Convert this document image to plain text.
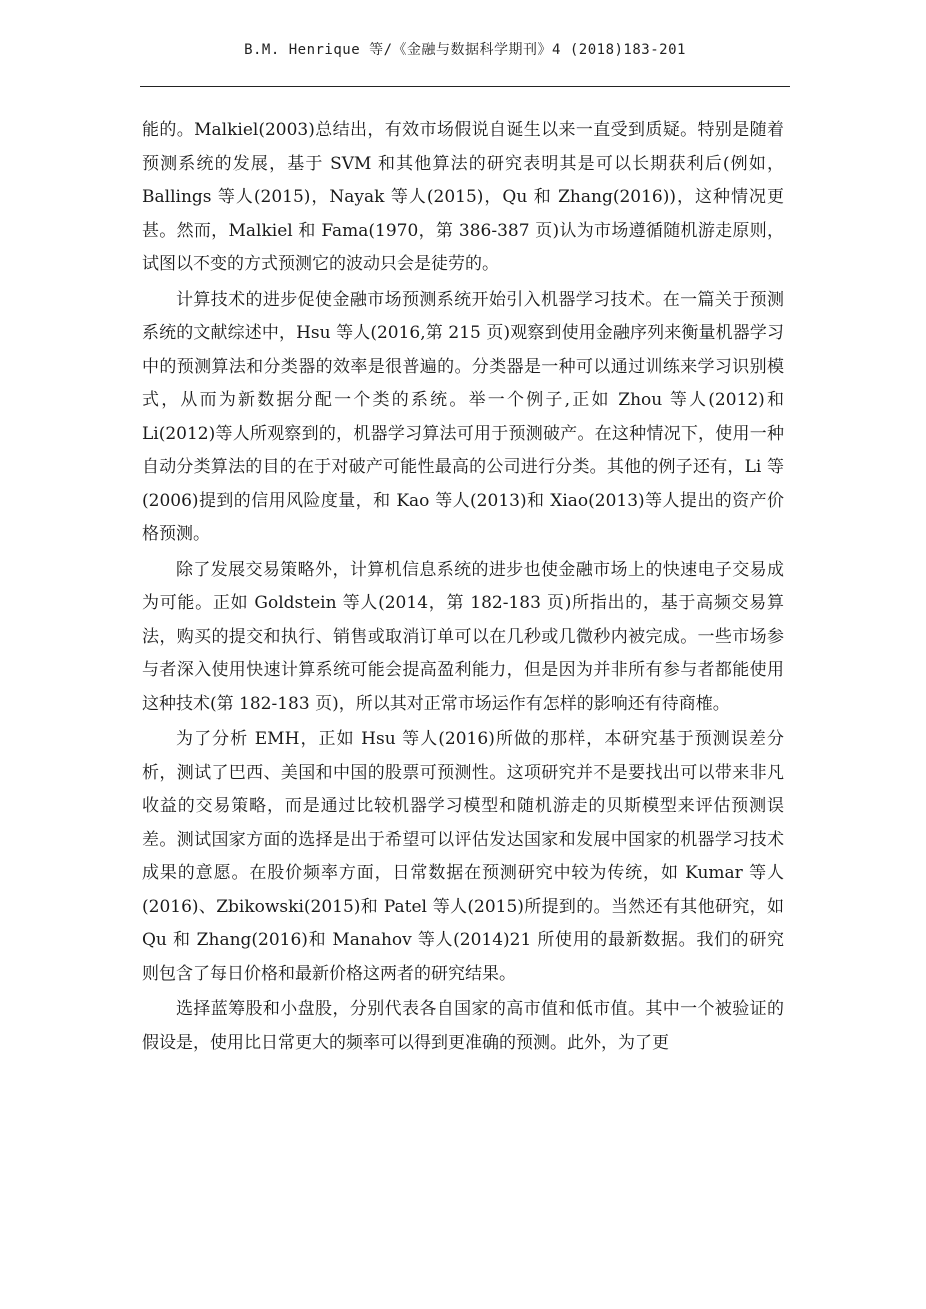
B.M. Henrique 等/《金融与数据科学期刊》4 (2018)183-201

能的。Malkiel(2003)总结出，有效市场假说自诞生以来一直受到质疑。特别是随着预测系统的发展，基于 SVM 和其他算法的研究表明其是可以长期获利后(例如，Ballings 等人(2015)，Nayak 等人(2015)，Qu 和 Zhang(2016))，这种情况更甚。然而，Malkiel 和 Fama(1970，第 386-387 页)认为市场遵循随机游走原则，试图以不变的方式预测它的波动只会是徒劳的。

计算技术的进步促使金融市场预测系统开始引入机器学习技术。在一篇关于预测系统的文献综述中，Hsu 等人(2016,第 215 页)观察到使用金融序列来衡量机器学习中的预测算法和分类器的效率是很普遍的。分类器是一种可以通过训练来学习识别模式，从而为新数据分配一个类的系统。举一个例子,正如 Zhou 等人(2012)和 Li(2012)等人所观察到的，机器学习算法可用于预测破产。在这种情况下，使用一种自动分类算法的目的在于对破产可能性最高的公司进行分类。其他的例子还有，Li 等(2006)提到的信用风险度量，和 Kao 等人(2013)和 Xiao(2013)等人提出的资产价格预测。

除了发展交易策略外，计算机信息系统的进步也使金融市场上的快速电子交易成为可能。正如 Goldstein 等人(2014，第 182-183 页)所指出的，基于高频交易算法，购买的提交和执行、销售或取消订单可以在几秒或几微秒内被完成。一些市场参与者深入使用快速计算系统可能会提高盈利能力，但是因为并非所有参与者都能使用这种技术(第 182-183 页)，所以其对正常市场运作有怎样的影响还有待商榷。

为了分析 EMH，正如 Hsu 等人(2016)所做的那样，本研究基于预测误差分析，测试了巴西、美国和中国的股票可预测性。这项研究并不是要找出可以带来非凡收益的交易策略，而是通过比较机器学习模型和随机游走的贝斯模型来评估预测误差。测试国家方面的选择是出于希望可以评估发达国家和发展中国家的机器学习技术成果的意愿。在股价频率方面，日常数据在预测研究中较为传统，如 Kumar 等人(2016)、Zbikowski(2015)和 Patel 等人(2015)所提到的。当然还有其他研究，如 Qu 和 Zhang(2016)和 Manahov 等人(2014)21 所使用的最新数据。我们的研究则包含了每日价格和最新价格这两者的研究结果。

选择蓝筹股和小盘股，分别代表各自国家的高市值和低市值。其中一个被验证的假设是，使用比日常更大的频率可以得到更准确的预测。此外，为了更
